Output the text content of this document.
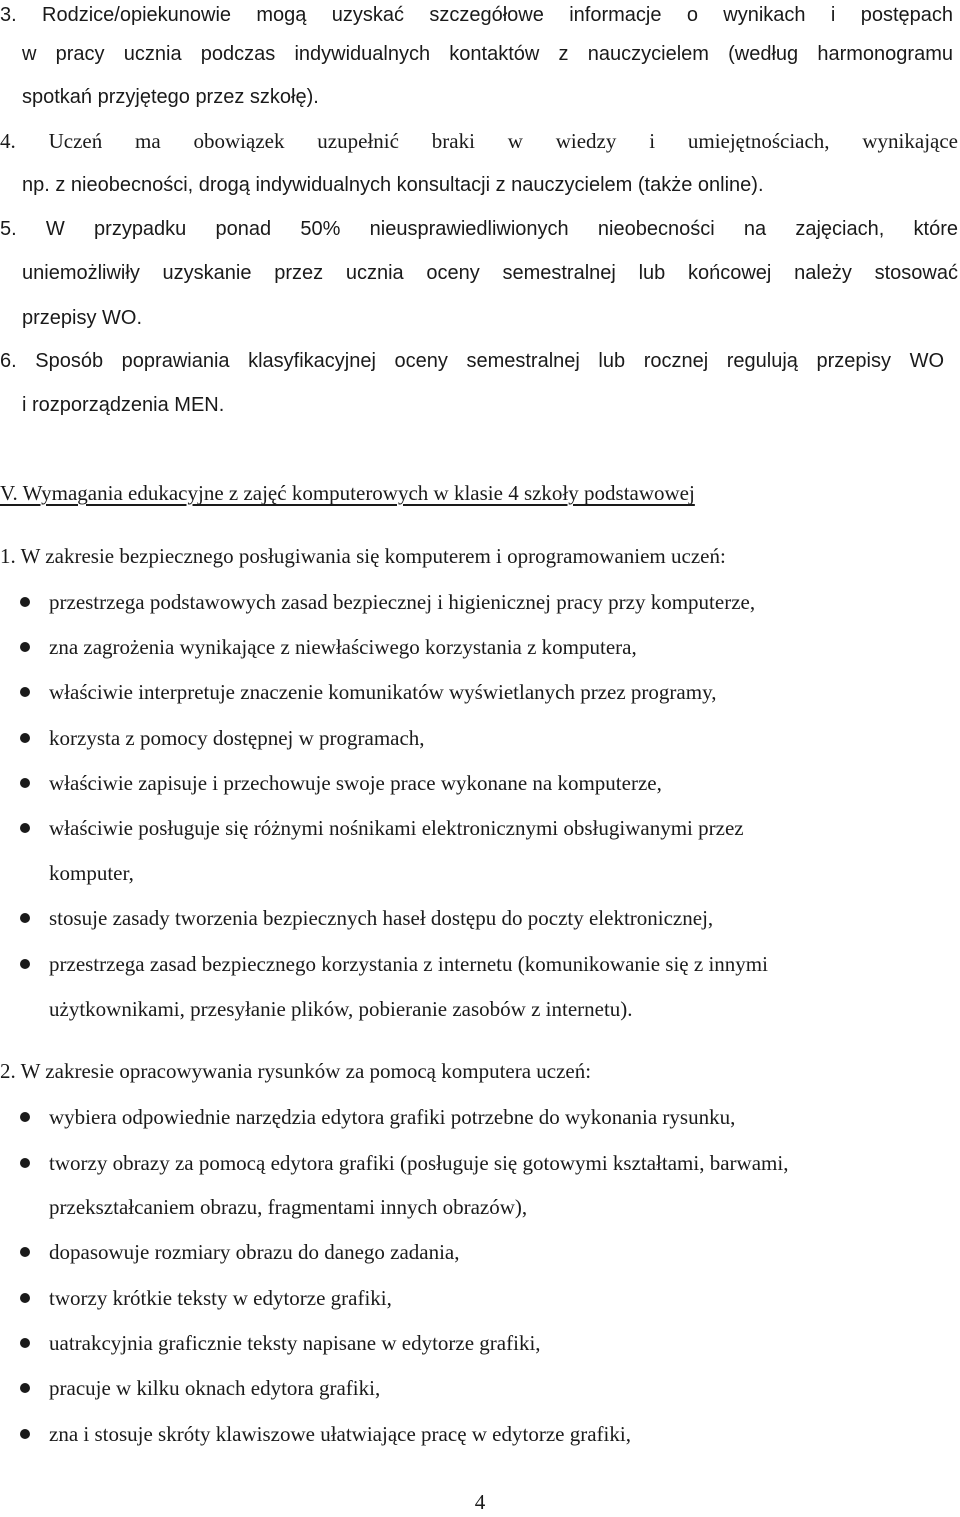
3. Rodzice/opiekunowie mogą uzyskać szczegółowe informacje o wynikach i postępach
w pracy ucznia podczas indywidualnych kontaktów z nauczycielem (według harmonogramu
spotkań przyjętego przez szkołę).
4. Uczeń ma obowiązek uzupełnić braki w wiedzy i umiejętnościach, wynikające
np. z nieobecności, drogą indywidualnych konsultacji z nauczycielem (także online).
5. W przypadku ponad 50% nieusprawiedliwionych nieobecności na zajęciach, które
uniemożliwiły uzyskanie przez ucznia oceny semestralnej lub końcowej należy stosować
przepisy WO.
6. Sposób poprawiania klasyfikacyjnej oceny semestralnej lub rocznej regulują przepisy WO
i rozporządzenia MEN.
V. Wymagania edukacyjne z zajęć komputerowych w klasie 4 szkoły podstawowej
1. W zakresie bezpiecznego posługiwania się komputerem i oprogramowaniem uczeń:
przestrzega podstawowych zasad bezpiecznej i higienicznej pracy przy komputerze,
zna zagrożenia wynikające z niewłaściwego korzystania z komputera,
właściwie interpretuje znaczenie komunikatów wyświetlanych przez programy,
korzysta z pomocy dostępnej w programach,
właściwie zapisuje i przechowuje swoje prace wykonane na komputerze,
właściwie posługuje się różnymi nośnikami elektronicznymi obsługiwanymi przez
komputer,
stosuje zasady tworzenia bezpiecznych haseł dostępu do poczty elektronicznej,
przestrzega zasad bezpiecznego korzystania z internetu (komunikowanie się z innymi
użytkownikami, przesyłanie plików, pobieranie zasobów z internetu).
2. W zakresie opracowywania rysunków za pomocą komputera uczeń:
wybiera odpowiednie narzędzia edytora grafiki potrzebne do wykonania rysunku,
tworzy obrazy za pomocą edytora grafiki (posługuje się gotowymi kształtami, barwami,
przekształcaniem obrazu, fragmentami innych obrazów),
dopasowuje rozmiary obrazu do danego zadania,
tworzy krótkie teksty w edytorze grafiki,
uatrakcyjnia graficznie teksty napisane w edytorze grafiki,
pracuje w kilku oknach edytora grafiki,
zna i stosuje skróty klawiszowe ułatwiające pracę w edytorze grafiki,
4
